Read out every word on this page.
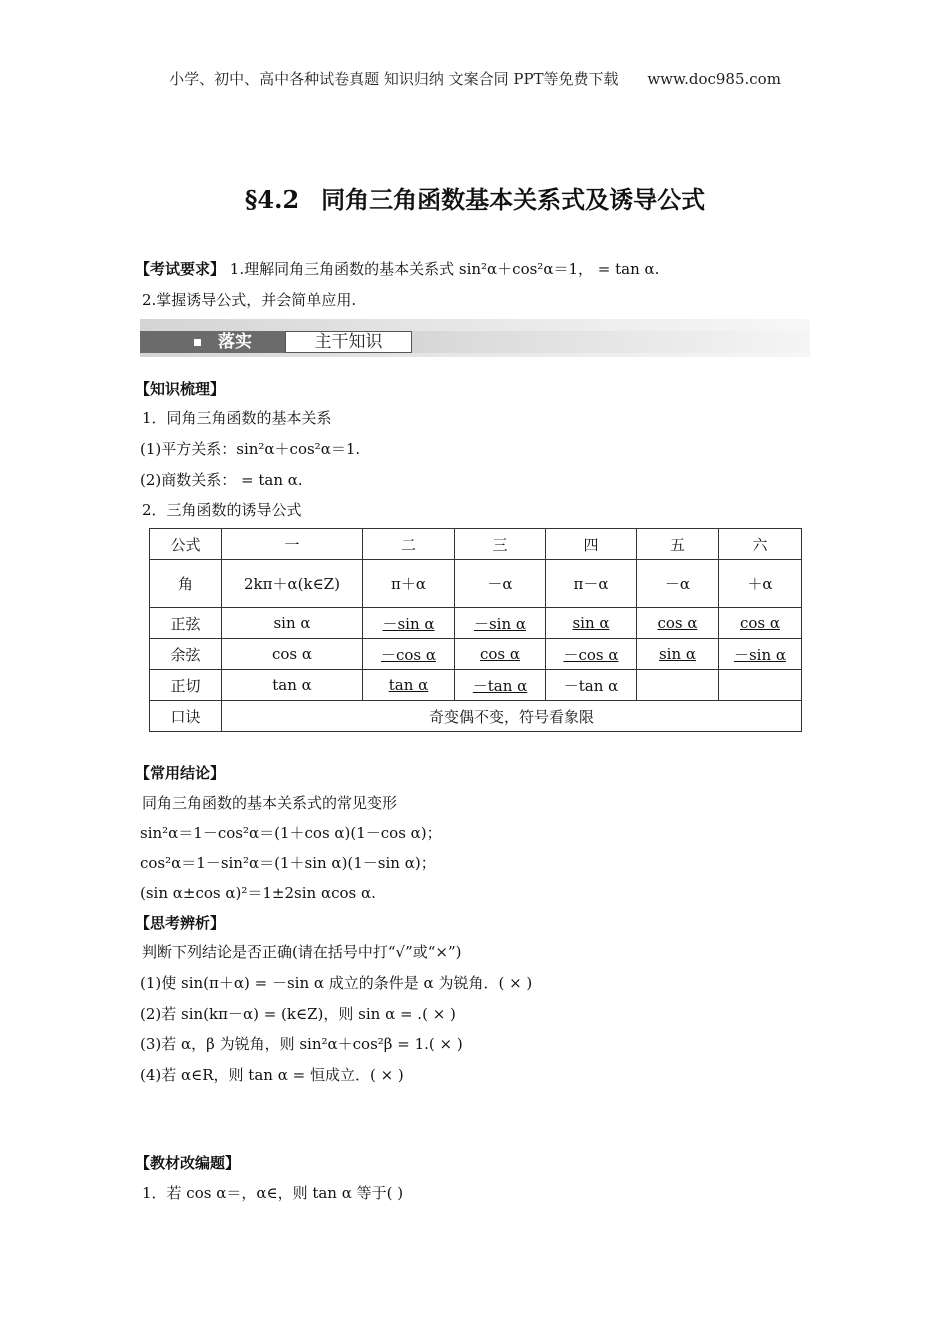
小学、初中、高中各种试卷真题 知识归纳 文案合同 PPT等免费下载 www.doc985.com
§4.2 同角三角函数基本关系式及诱导公式
【考试要求】 1.理解同角三角函数的基本关系式 sin²α＋cos²α＝1， = tan α.
2.掌握诱导公式，并会简单应用.
落实	主干知识
【知识梳理】
1．同角三角函数的基本关系
(1)平方关系：sin²α＋cos²α＝1.
(2)商数关系： = tan α.
2．三角函数的诱导公式
公式	一	二	三	四	五	六
角	2kπ＋α(k∈Z)	π＋α	－α	π－α	－α	＋α
正弦	sin α	－sin α	－sin α	sin α	cos α	cos α
余弦	cos α	－cos α	cos α	－cos α	sin α	－sin α
正切	tan α	tan α	－tan α	－tan α		
口诀	奇变偶不变，符号看象限					
【常用结论】
同角三角函数的基本关系式的常见变形
sin²α＝1－cos²α＝(1＋cos α)(1－cos α)；
cos²α＝1－sin²α＝(1＋sin α)(1－sin α)；
(sin α±cos α)²＝1±2sin αcos α.
【思考辨析】
判断下列结论是否正确(请在括号中打“√”或“×”)
(1)使 sin(π＋α) = －sin α 成立的条件是 α 为锐角．( × )
(2)若 sin(kπ－α) = (k∈Z)，则 sin α = .( × )
(3)若 α，β 为锐角，则 sin²α＋cos²β = 1.( × )
(4)若 α∈R，则 tan α = 恒成立．( × )
【教材改编题】
1．若 cos α＝，α∈，则 tan α 等于( )
